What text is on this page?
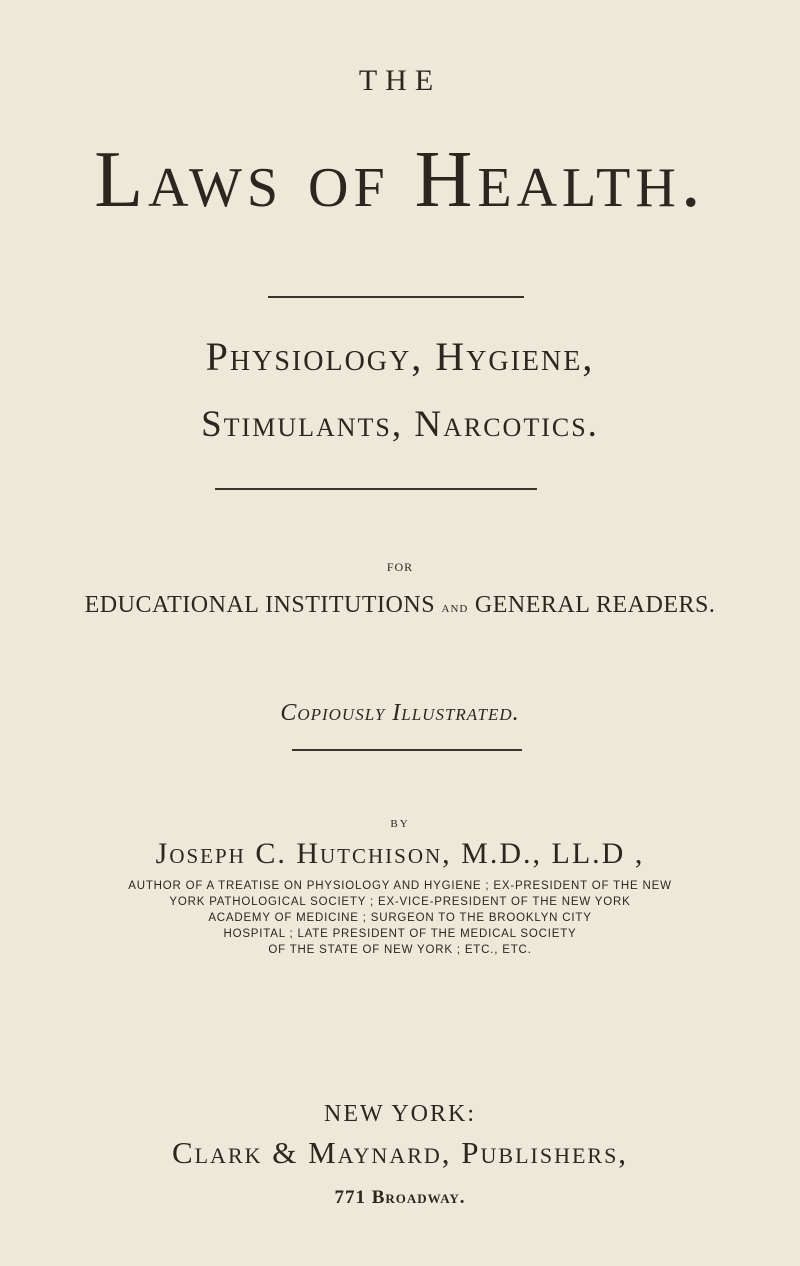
THE
Laws of Health.
Physiology, Hygiene,
Stimulants, Narcotics.
FOR
EDUCATIONAL INSTITUTIONS and GENERAL READERS.
Copiously Illustrated.
BY
Joseph C. Hutchison, M.D., LL.D ,
AUTHOR OF A TREATISE ON PHYSIOLOGY AND HYGIENE ; EX-PRESIDENT OF THE NEW
YORK PATHOLOGICAL SOCIETY ; EX-VICE-PRESIDENT OF THE NEW YORK
ACADEMY OF MEDICINE ; SURGEON TO THE BROOKLYN CITY
HOSPITAL ; LATE PRESIDENT OF THE MEDICAL SOCIETY
OF THE STATE OF NEW YORK ; ETC., ETC.
NEW YORK:
Clark & Maynard, Publishers,
771 Broadway.
